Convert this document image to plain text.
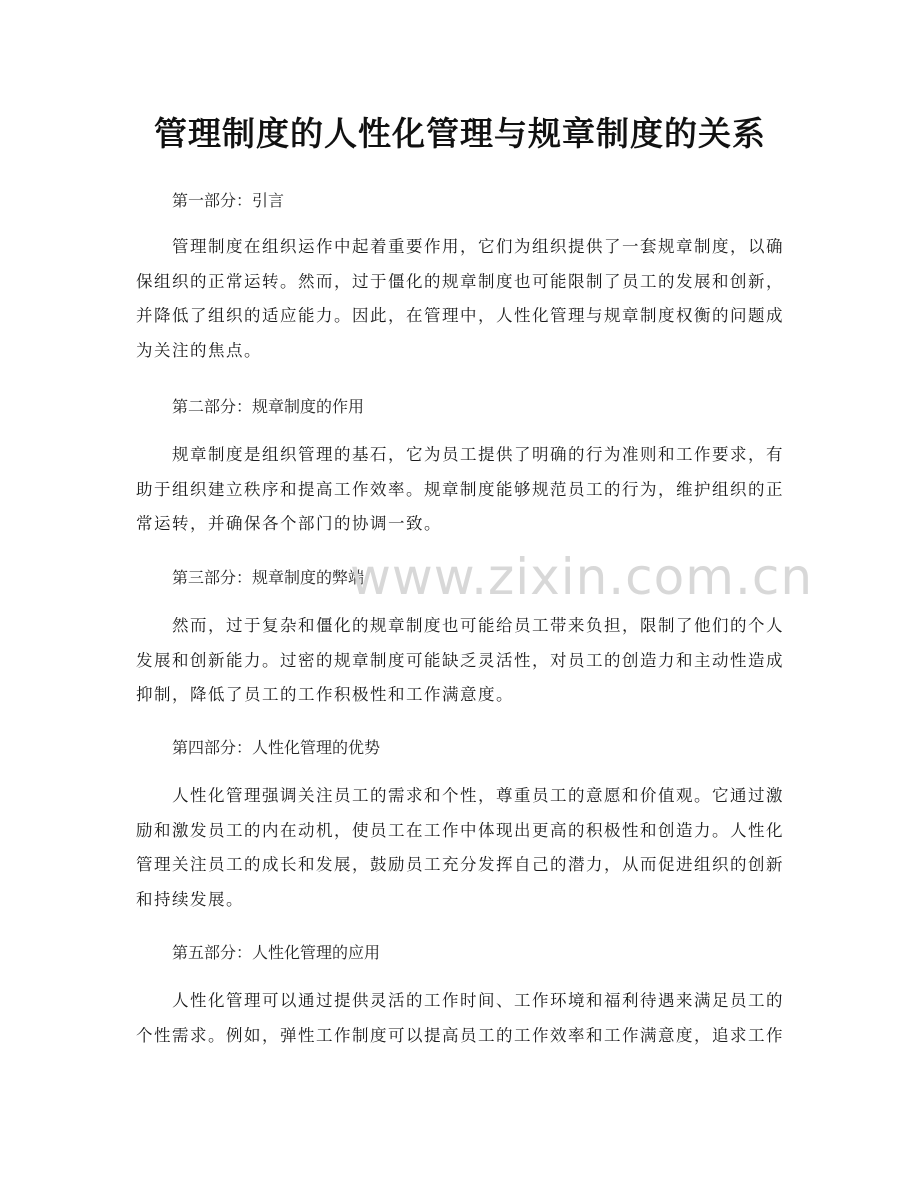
管理制度的人性化管理与规章制度的关系

第一部分：引言

管理制度在组织运作中起着重要作用，它们为组织提供了一套规章制度，以确保组织的正常运转。然而，过于僵化的规章制度也可能限制了员工的发展和创新，并降低了组织的适应能力。因此，在管理中，人性化管理与规章制度权衡的问题成为关注的焦点。

第二部分：规章制度的作用

规章制度是组织管理的基石，它为员工提供了明确的行为准则和工作要求，有助于组织建立秩序和提高工作效率。规章制度能够规范员工的行为，维护组织的正常运转，并确保各个部门的协调一致。

第三部分：规章制度的弊端

然而，过于复杂和僵化的规章制度也可能给员工带来负担，限制了他们的个人发展和创新能力。过密的规章制度可能缺乏灵活性，对员工的创造力和主动性造成抑制，降低了员工的工作积极性和工作满意度。

第四部分：人性化管理的优势

人性化管理强调关注员工的需求和个性，尊重员工的意愿和价值观。它通过激励和激发员工的内在动机，使员工在工作中体现出更高的积极性和创造力。人性化管理关注员工的成长和发展，鼓励员工充分发挥自己的潜力，从而促进组织的创新和持续发展。

第五部分：人性化管理的应用

人性化管理可以通过提供灵活的工作时间、工作环境和福利待遇来满足员工的个性需求。例如，弹性工作制度可以提高员工的工作效率和工作满意度，追求工作

www.zixin.com.cn
